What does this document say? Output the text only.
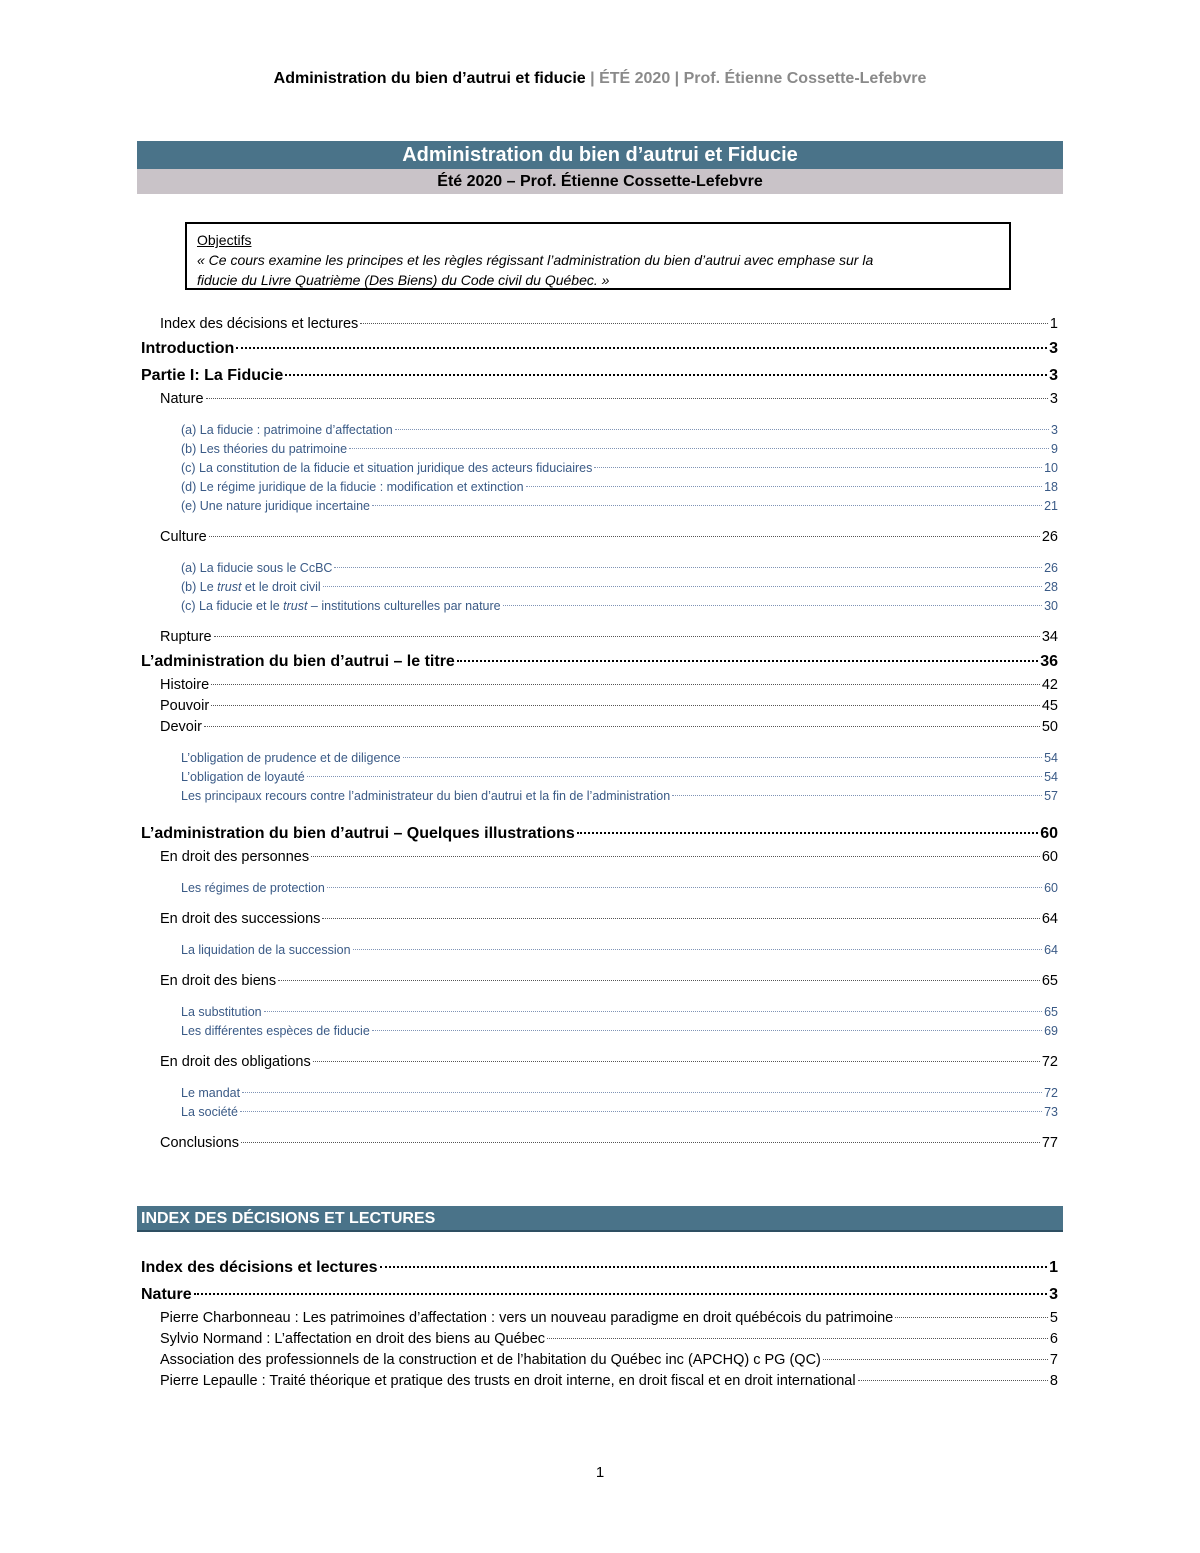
Administration du bien d’autrui et fiducie | ÉTÉ 2020 | Prof. Étienne Cossette-Lefebvre
Administration du bien d’autrui et Fiducie
Été 2020 – Prof. Étienne Cossette-Lefebvre
Objectifs
« Ce cours examine les principes et les règles régissant l’administration du bien d’autrui avec emphase sur la
fiducie du Livre Quatrième (Des Biens) du Code civil du Québec. »
Index des décisions et lectures	1
Introduction	3
Partie I: La Fiducie	3
Nature	3
(a) La fiducie : patrimoine d’affectation	3
(b) Les théories du patrimoine	9
(c) La constitution de la fiducie et situation juridique des acteurs fiduciaires	10
(d) Le régime juridique de la fiducie : modification et extinction	18
(e) Une nature juridique incertaine	21
Culture	26
(a) La fiducie sous le CcBC	26
(b) Le trust et le droit civil	28
(c) La fiducie et le trust – institutions culturelles par nature	30
Rupture	34
L’administration du bien d’autrui – le titre	36
Histoire	42
Pouvoir	45
Devoir	50
L’obligation de prudence et de diligence	54
L’obligation de loyauté	54
Les principaux recours contre l’administrateur du bien d’autrui et la fin de l’administration	57
L’administration du bien d’autrui – Quelques illustrations	60
En droit des personnes	60
Les régimes de protection	60
En droit des successions	64
La liquidation de la succession	64
En droit des biens	65
La substitution	65
Les différentes espèces de fiducie	69
En droit des obligations	72
Le mandat	72
La société	73
Conclusions	77
INDEX DES DÉCISIONS ET LECTURES
Index des décisions et lectures	1
Nature	3
Pierre Charbonneau : Les patrimoines d’affectation : vers un nouveau paradigme en droit québécois du patrimoine	5
Sylvio Normand : L’affectation en droit des biens au Québec	6
Association des professionnels de la construction et de l’habitation du Québec inc (APCHQ) c PG (QC)	7
Pierre Lepaulle : Traité théorique et pratique des trusts en droit interne, en droit fiscal et en droit international	8
1
